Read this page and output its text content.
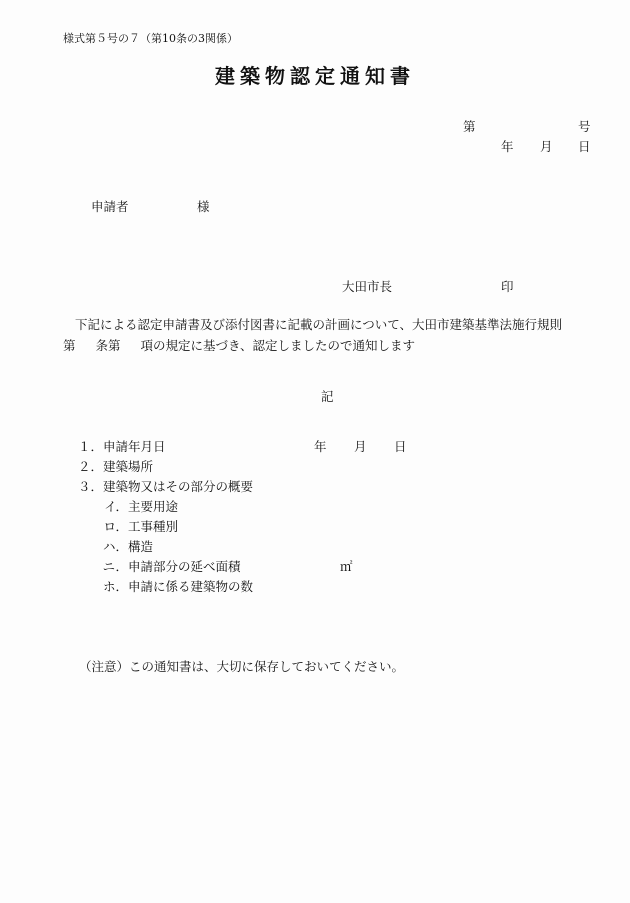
様式第５号の７（第10条の3関係）
建築物認定通知書
第	号
年 月 日
申請者	様
大田市長	印
下記による認定申請書及び添付図書に記載の計画について、大田市建築基準法施行規則
第 条第 項の規定に基づき、認定しましたので通知します
記
１．申請年月日	年 月 日
２．建築場所
３．建築物又はその部分の概要
イ．主要用途
ロ．工事種別
ハ．構造
ニ．申請部分の延べ面積	㎡
ホ．申請に係る建築物の数
（注意）この通知書は、大切に保存しておいてください。
